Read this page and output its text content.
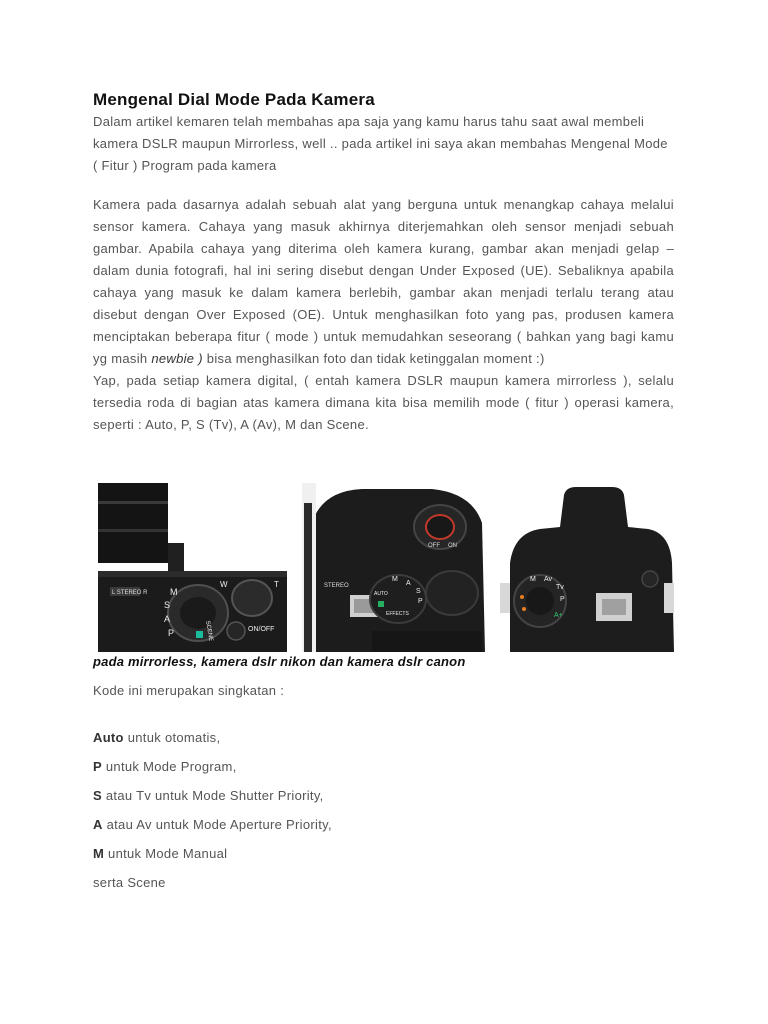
Mengenal Dial Mode Pada Kamera

Dalam artikel kemaren telah membahas apa saja yang kamu harus tahu saat awal membeli kamera DSLR maupun Mirrorless, well .. pada artikel ini saya akan membahas Mengenal Mode ( Fitur ) Program pada kamera

Kamera pada dasarnya adalah sebuah alat yang berguna untuk menangkap cahaya melalui sensor kamera. Cahaya yang masuk akhirnya diterjemahkan oleh sensor menjadi sebuah gambar. Apabila cahaya yang diterima oleh kamera kurang, gambar akan menjadi gelap – dalam dunia fotografi, hal ini sering disebut dengan Under Exposed (UE). Sebaliknya apabila cahaya yang masuk ke dalam kamera berlebih, gambar akan menjadi terlalu terang atau disebut dengan Over Exposed (OE). Untuk menghasilkan foto yang pas, produsen kamera menciptakan beberapa fitur ( mode ) untuk memudahkan seseorang ( bahkan yang bagi kamu yg masih newbie ) bisa menghasilkan foto dan tidak ketinggalan moment :)

Yap, pada setiap kamera digital, ( entah kamera DSLR maupun kamera mirrorless ), selalu tersedia roda di bagian atas kamera dimana kita bisa memilih mode ( fitur ) operasi kamera, seperti : Auto, P, S (Tv), A (Av), M dan Scene.

L STEREO R	M
S
A
P	SCENE
W	T
ON/OFF
ON
OFF
STEREO
M
A
S
P
AUTO
EFFECTS
M Av
Tv
P
A+

pada mirrorless, kamera dslr nikon dan kamera dslr canon

Kode ini merupakan singkatan :

Auto untuk otomatis,
P untuk Mode Program,
S atau Tv untuk Mode Shutter Priority,
A atau Av untuk Mode Aperture Priority,
M untuk Mode Manual
serta Scene
